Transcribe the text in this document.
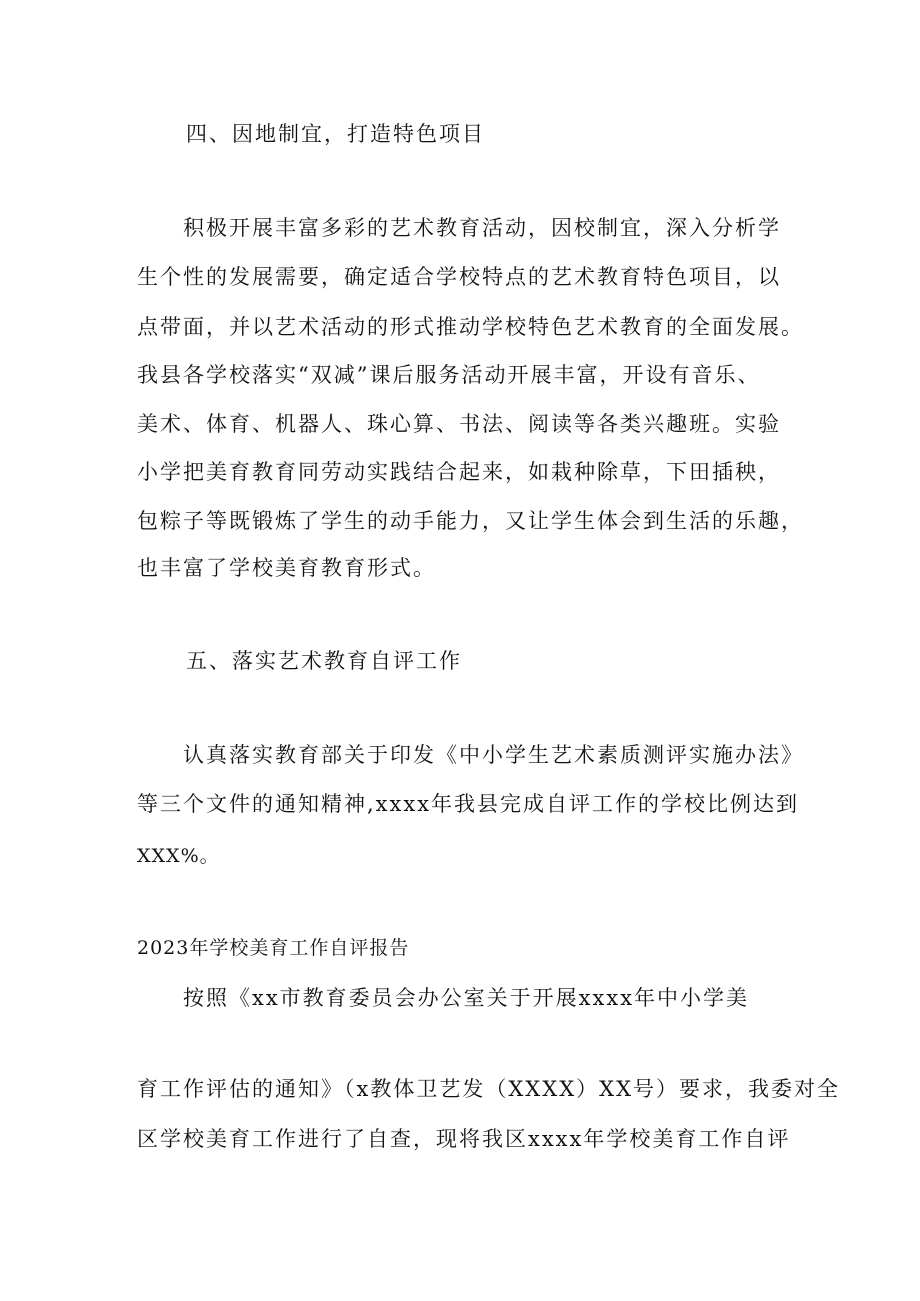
四、因地制宜，打造特色项目
积极开展丰富多彩的艺术教育活动，因校制宜，深入分析学
生个性的发展需要，确定适合学校特点的艺术教育特色项目，以
点带面，并以艺术活动的形式推动学校特色艺术教育的全面发展。
我县各学校落实“双减”课后服务活动开展丰富，开设有音乐、
美术、体育、机器人、珠心算、书法、阅读等各类兴趣班。实验
小学把美育教育同劳动实践结合起来，如栽种除草，下田插秧，
包粽子等既锻炼了学生的动手能力，又让学生体会到生活的乐趣，
也丰富了学校美育教育形式。
五、落实艺术教育自评工作
认真落实教育部关于印发《中小学生艺术素质测评实施办法》
等三个文件的通知精神,xxxx年我县完成自评工作的学校比例达到
XXX%。
2023年学校美育工作自评报告
按照《xx市教育委员会办公室关于开展xxxx年中小学美
育工作评估的通知》（x教体卫艺发（XXXX）XX号）要求，我委对全
区学校美育工作进行了自查，现将我区xxxx年学校美育工作自评
